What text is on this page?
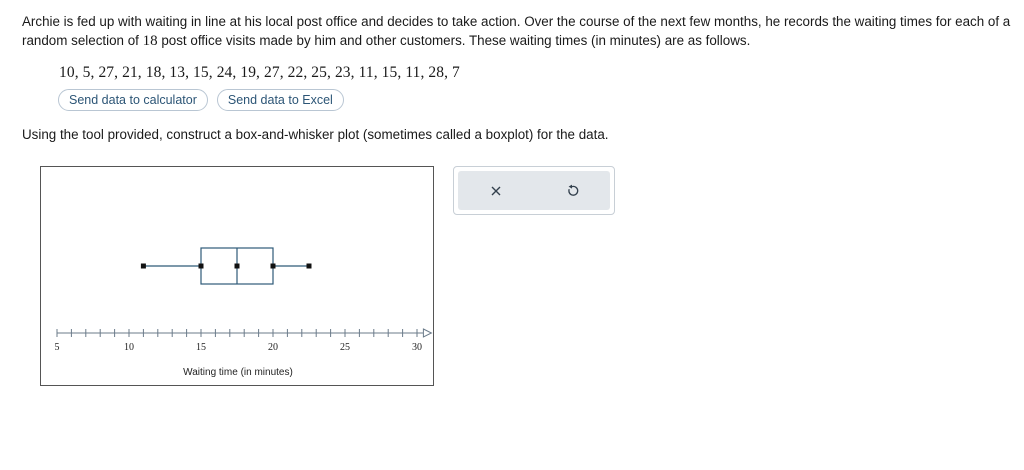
Archie is fed up with waiting in line at his local post office and decides to take action. Over the course of the next few months, he records the waiting times for each of a random selection of 18 post office visits made by him and other customers. These waiting times (in minutes) are as follows.
10, 5, 27, 21, 18, 13, 15, 24, 19, 27, 22, 25, 23, 11, 15, 11, 28, 7
Send data to calculator	Send data to Excel
Using the tool provided, construct a box-and-whisker plot (sometimes called a boxplot) for the data.
5	10	15	20	25	30
Waiting time (in minutes)
